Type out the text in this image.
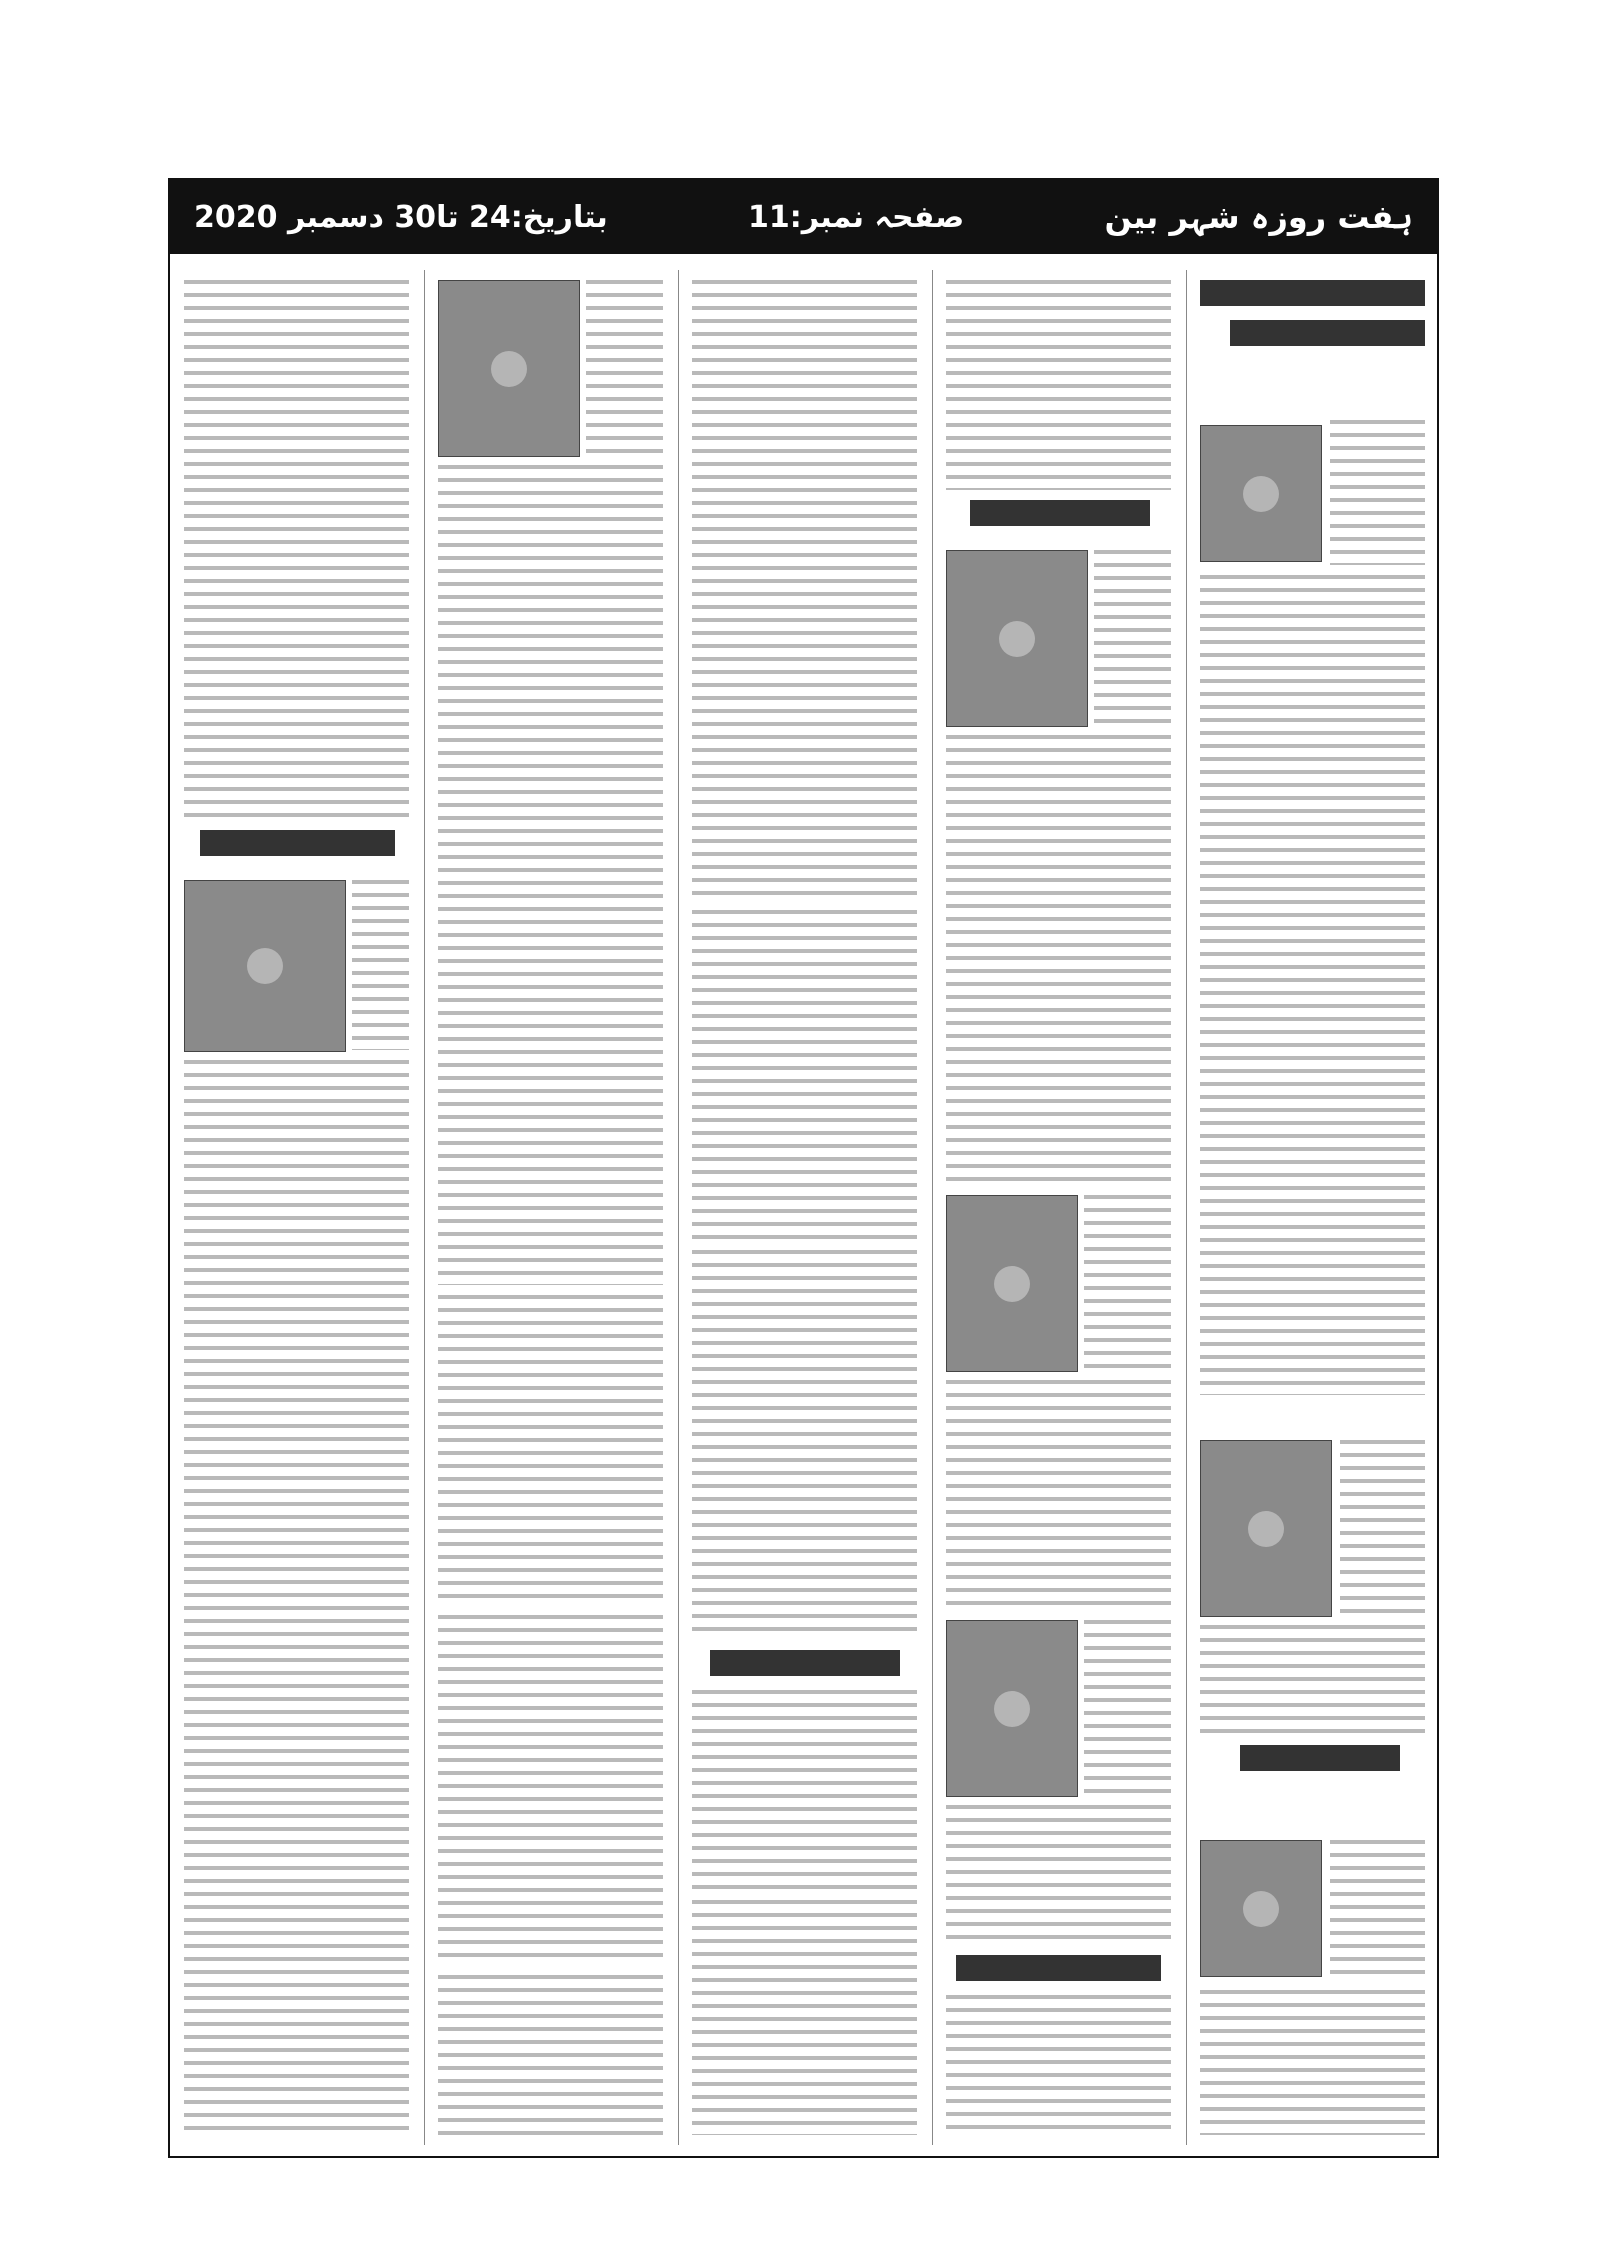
بتاریخ:24 تا30 دسمبر 2020	صفحہ نمبر:11	ہفت روزہ شہر بین
